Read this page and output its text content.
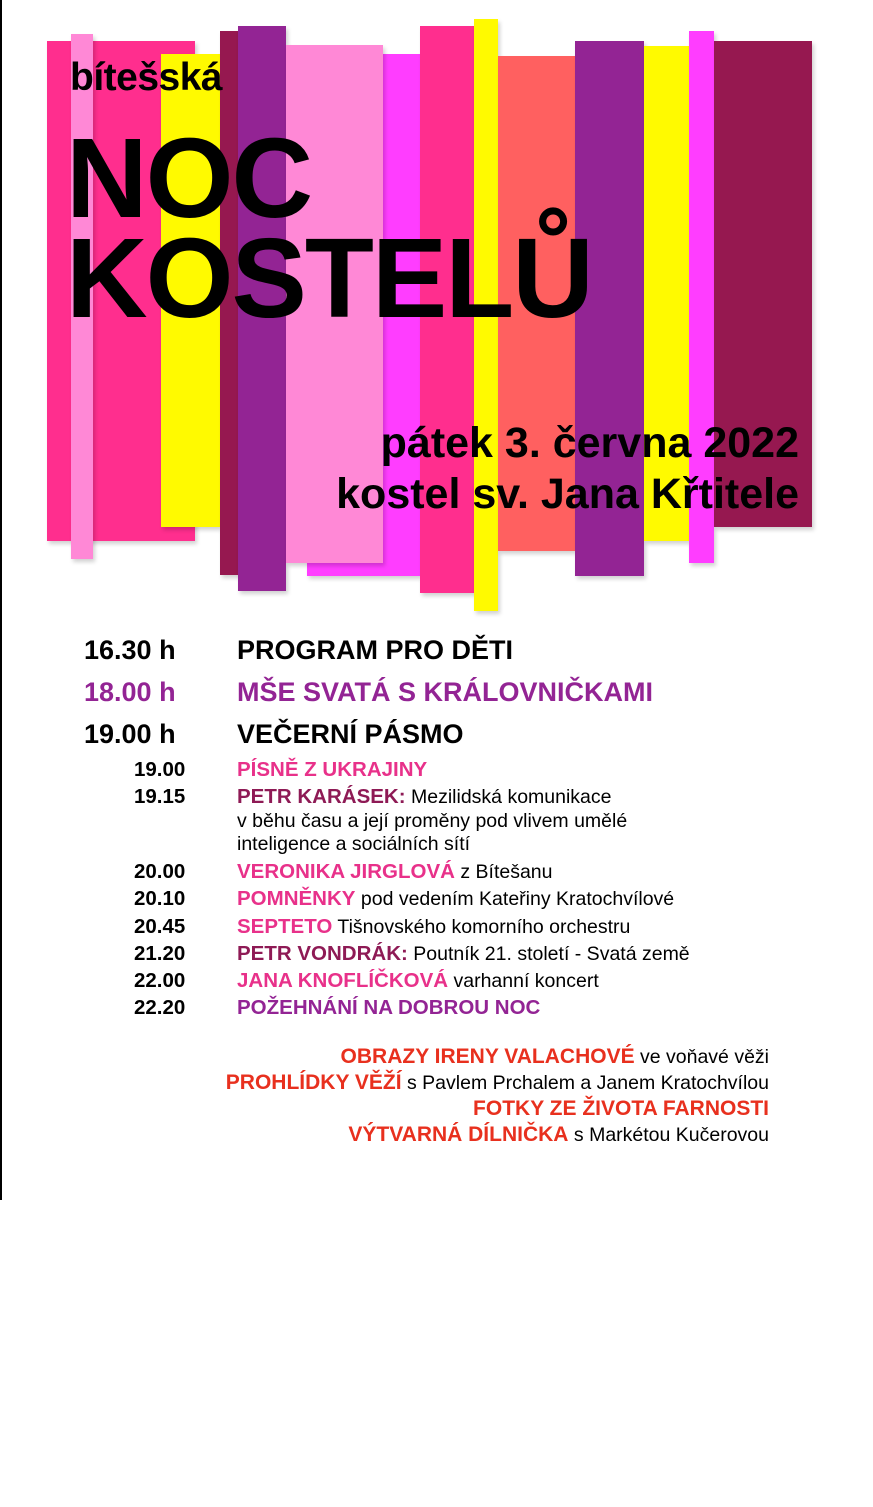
bítešská
NOC
KOSTELŮ
pátek 3. června 2022
kostel sv. Jana Křtitele
16.30 h PROGRAM PRO DĚTI
18.00 h MŠE SVATÁ S KRÁLOVNIČKAMI
19.00 h VEČERNÍ PÁSMO
19.00	PÍSNĚ Z UKRAJINY
19.15	PETR KARÁSEK: Mezilidská komunikace
v běhu času a její proměny pod vlivem umělé
inteligence a sociálních sítí
20.00	VERONIKA JIRGLOVÁ z Bítešanu
20.10	POMNĚNKY pod vedením Kateřiny Kratochvílové
20.45	SEPTETO Tišnovského komorního orchestru
21.20	PETR VONDRÁK: Poutník 21. století - Svatá země
22.00	JANA KNOFLÍČKOVÁ varhanní koncert
22.20	POŽEHNÁNÍ NA DOBROU NOC
OBRAZY IRENY VALACHOVÉ ve voňavé věži
PROHLÍDKY VĚŽÍ s Pavlem Prchalem a Janem Kratochvílou
FOTKY ZE ŽIVOTA FARNOSTI
VÝTVARNÁ DÍLNIČKA s Markétou Kučerovou
